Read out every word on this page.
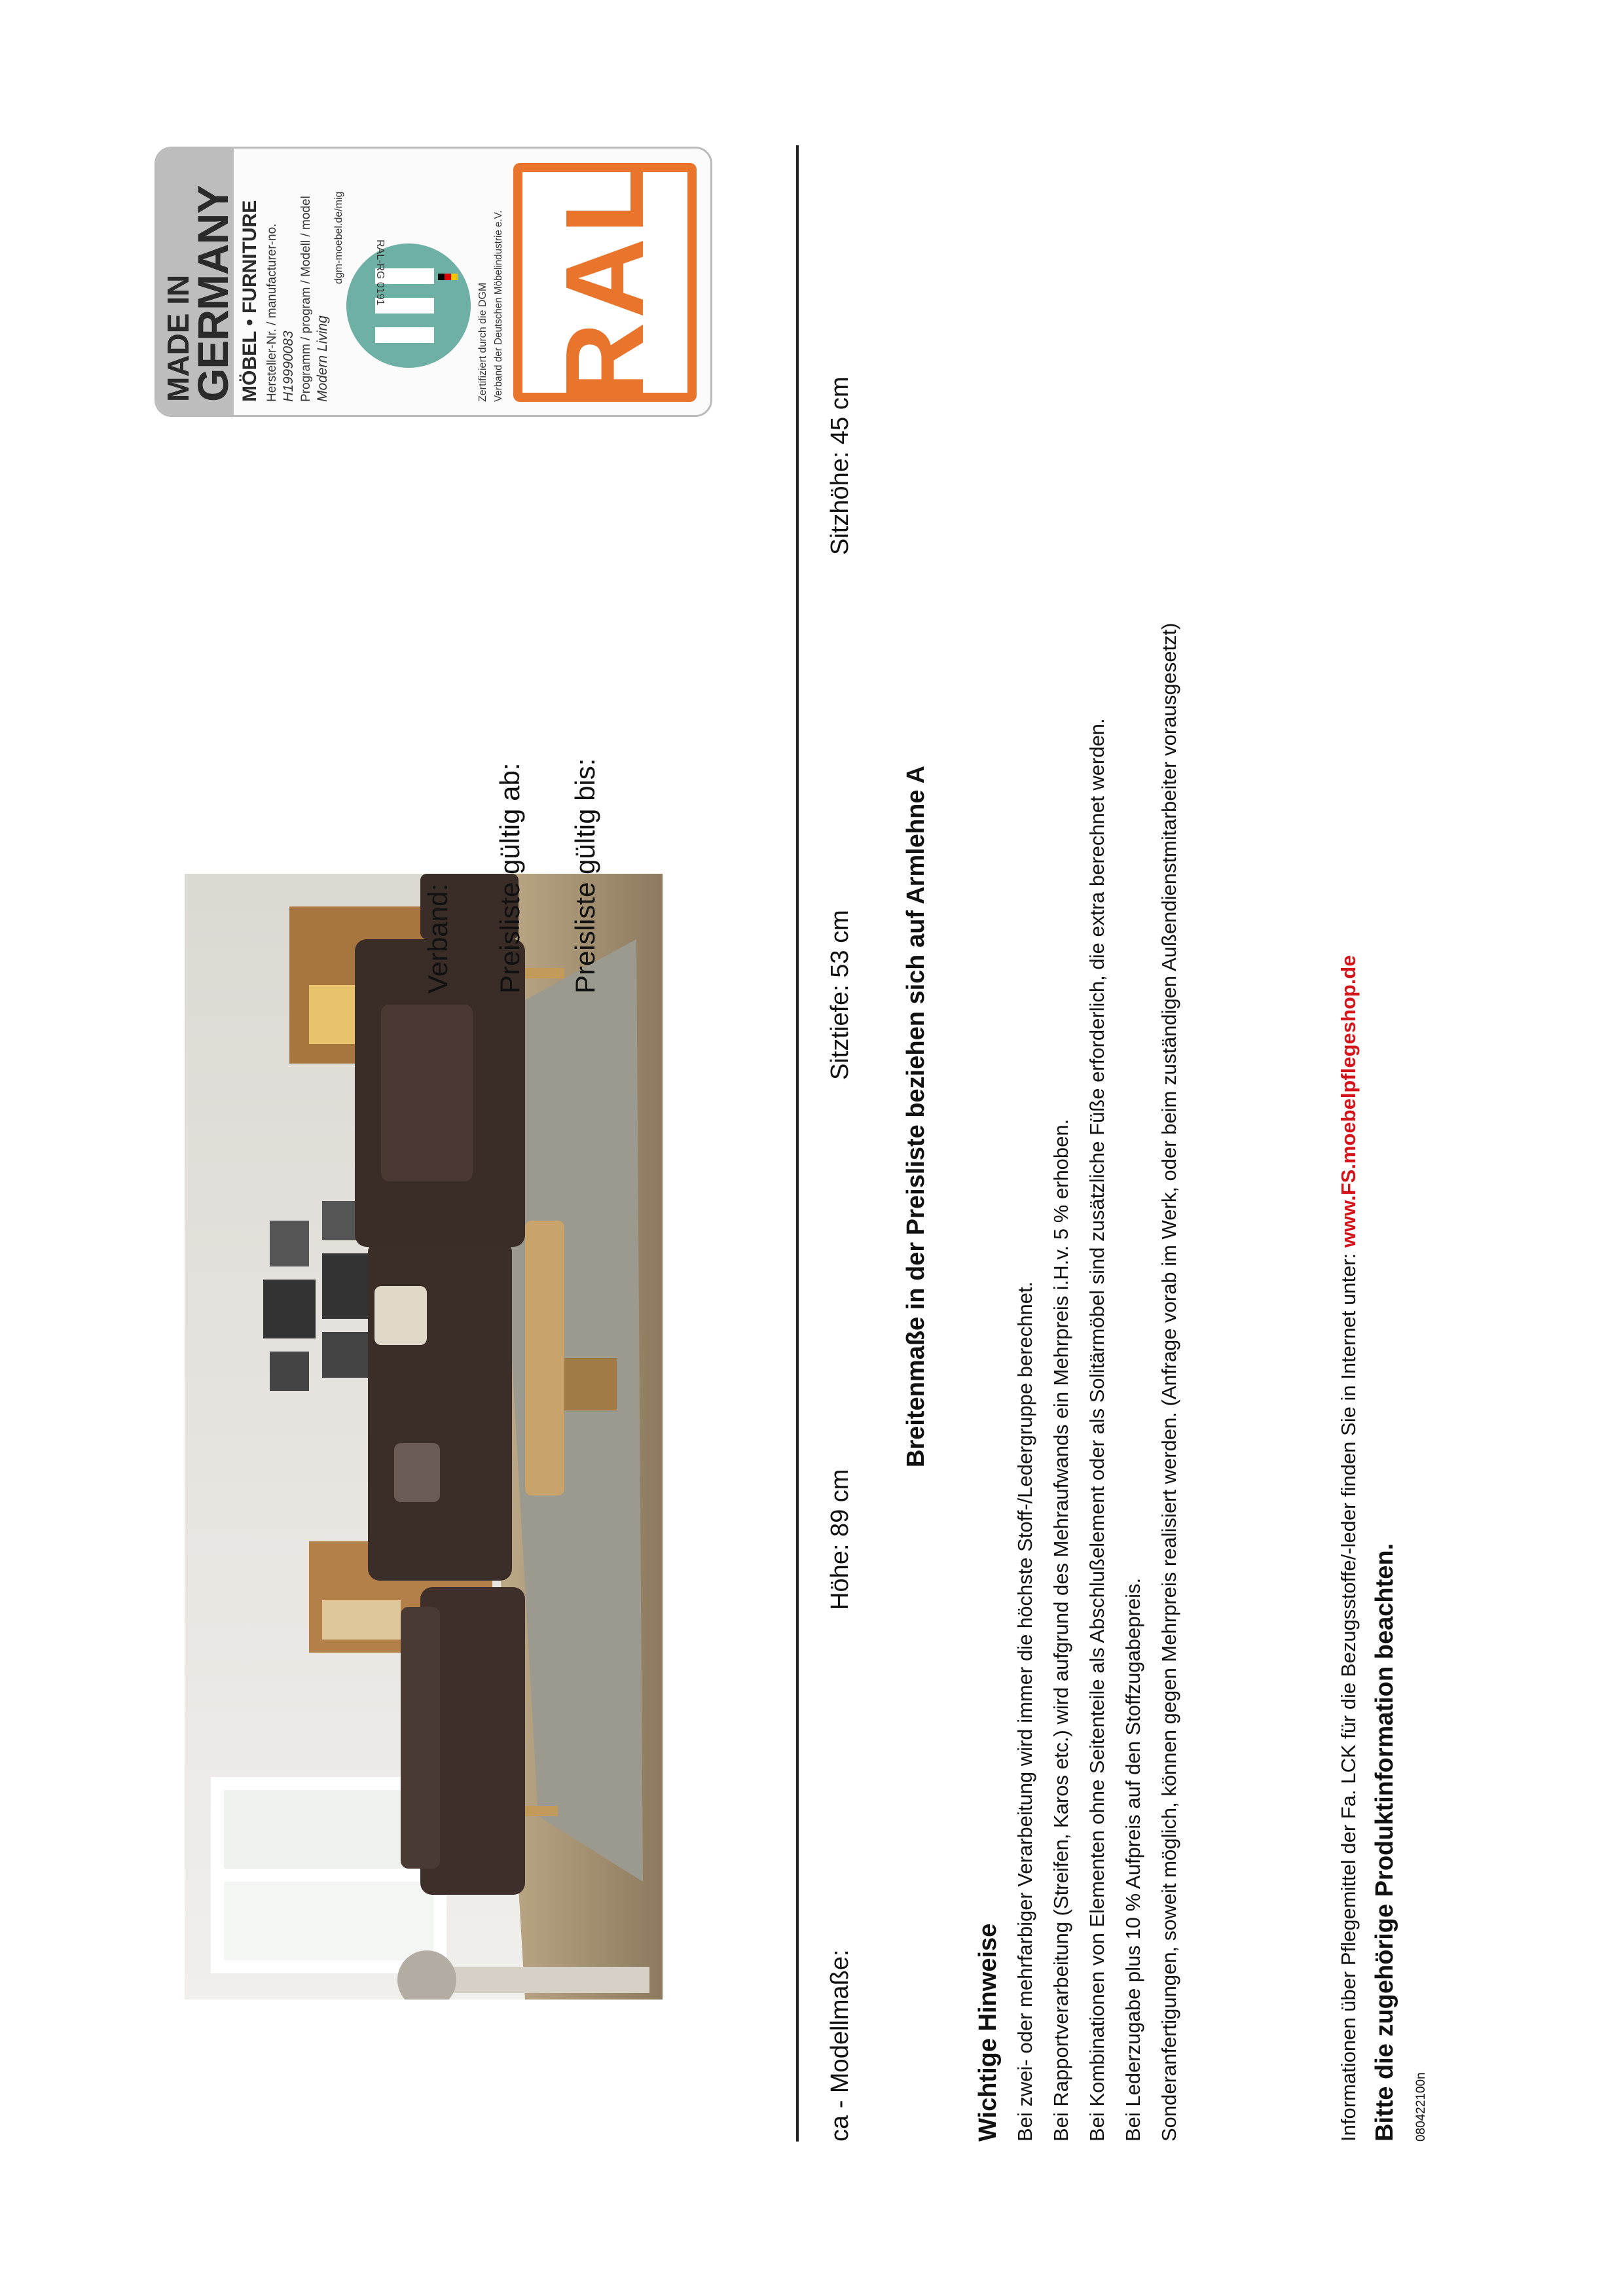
Verband: Preisliste gültig ab: Preisliste gültig bis:
MADE IN
GERMANY MÖBEL • FURNITURE Hersteller-Nr. / manufacturer-no. H19990083 Programm / program / Modell / model Modern Living
RAL-RG 0191
Zertifiziert durch die DGM Verband der Deutschen Möbelindustrie e.V.
dgm-moebel.de/mig RAL
ca - Modellmaße:
Höhe: 89 cm
Sitztiefe: 53 cm
Sitzhöhe: 45 cm
Breitenmaße in der Preisliste beziehen sich auf Armlehne A
Wichtige Hinweise Bei zwei- oder mehrfarbiger Verarbeitung wird immer die höchste Stoff-/Ledergruppe berechnet. Bei Rapportverarbeitung (Streifen, Karos etc.) wird aufgrund des Mehraufwands ein Mehrpreis i.H.v. 5 % erhoben. Bei Kombinationen von Elementen ohne Seitenteile als Abschlußelement oder als Solitärmöbel sind zusätzliche Füße erforderlich, die extra berechnet werden. Bei Lederzugabe plus 10 % Aufpreis auf den Stoffzugabepreis. Sonderanfertigungen, soweit möglich, können gegen Mehrpreis realisiert werden. (Anfrage vorab im Werk, oder beim zuständigen Außendienstmitarbeiter vorausgesetzt)	Informationen über Pflegemittel der Fa. LCK für die Bezugsstoffe/-leder finden Sie in Internet unter: www.FS.moebelpflegeshop.de
Bitte die zugehörige Produktinformation beachten. 080422100n
